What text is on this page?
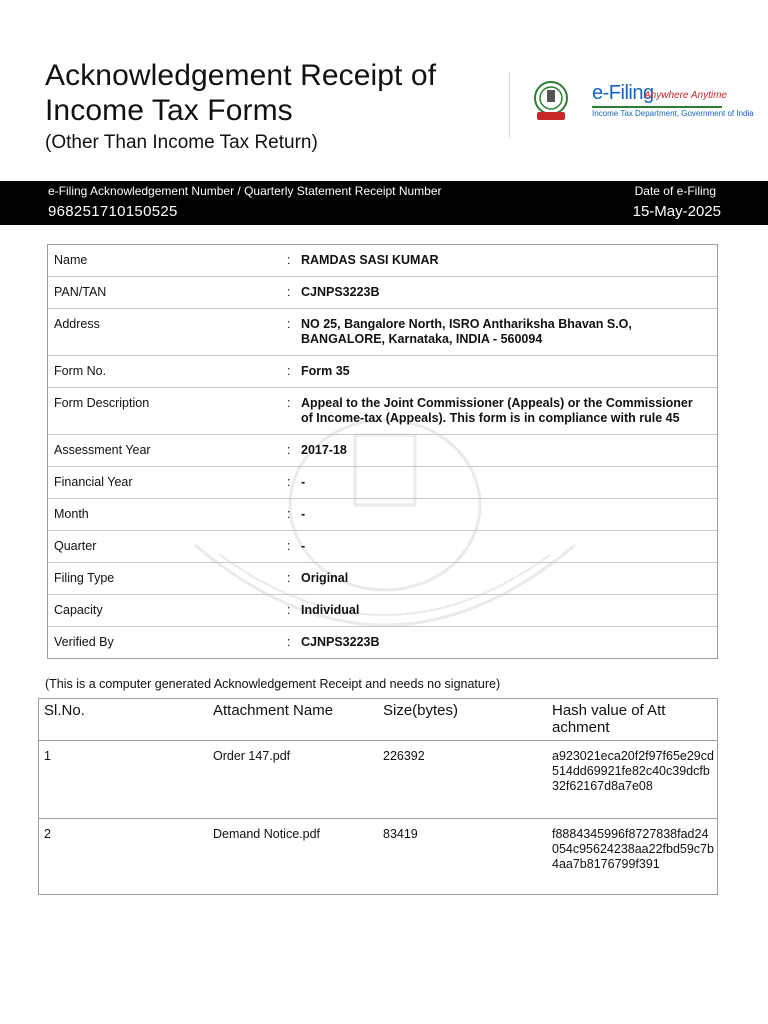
Acknowledgement Receipt of
Income Tax Forms
(Other Than Income Tax Return)
e-Filing
Anywhere Anytime
Income Tax Department, Government of India
e-Filing Acknowledgement Number / Quarterly Statement Receipt Number
968251710150525
Date of e-Filing
15-May-2025
Name	: RAMDAS SASI KUMAR
PAN/TAN	: CJNPS3223B
Address	: NO 25, Bangalore North, ISRO Anthariksha Bhavan S.O, BANGALORE, Karnataka, INDIA - 560094
Form No.	: Form 35
Form Description	: Appeal to the Joint Commissioner (Appeals) or the Commissioner of Income-tax (Appeals). This form is in compliance with rule 45
Assessment Year	: 2017-18
Financial Year	: -
Month	: -
Quarter	: -
Filing Type	: Original
Capacity	: Individual
Verified By	: CJNPS3223B
(This is a computer generated Acknowledgement Receipt and needs no signature)
Sl.No.	Attachment Name	Size(bytes)	Hash value of Attachment
1	Order 147.pdf	226392	a923021eca20f2f97f65e29cd514dd69921fe82c40c39dcfb32f62167d8a7e08
2	Demand Notice.pdf	83419	f8884345996f8727838fad24054c95624238aa22fbd59c7b4aa7b8176799f391
